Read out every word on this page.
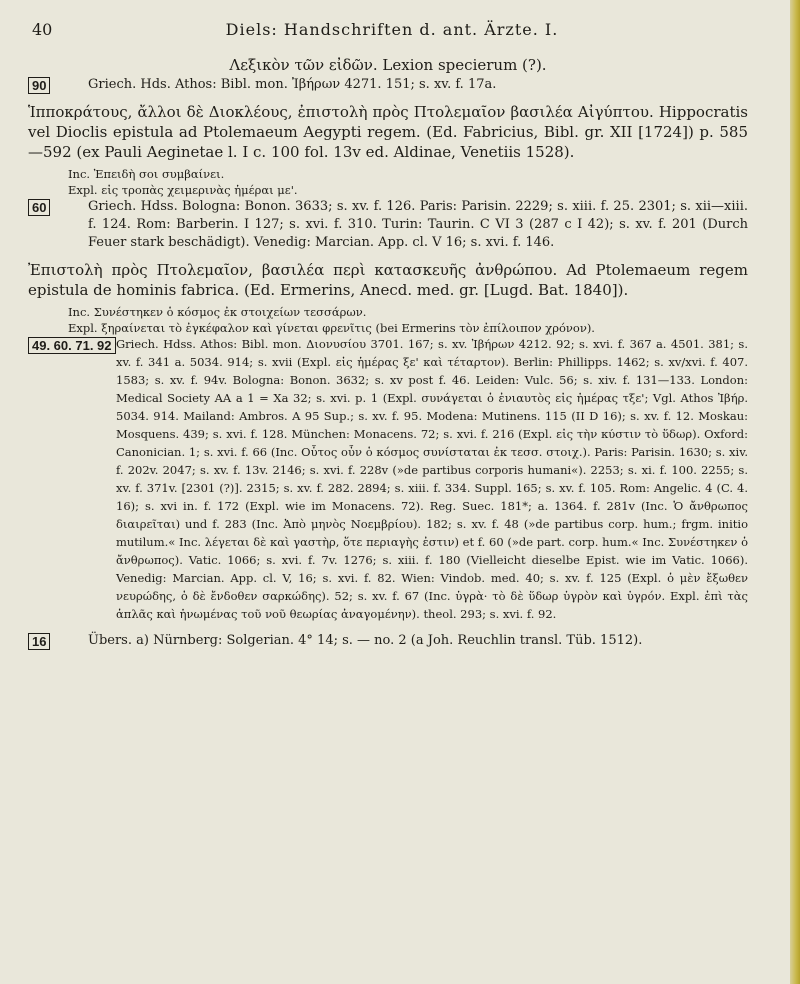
40	Diels: Handschriften d. ant. Ärzte. I.
Λεξικὸν τῶν εἰδῶν. Lexion specierum (?).
90	Griech. Hds. Athos: Bibl. mon. Ἰβήρων 4271. 151; s. xv. f. 17a.
Ἱπποκράτους, ἄλλοι δὲ Διοκλέους, ἐπιστολὴ πρὸς Πτολεμαῖον βασιλέα Αἰγύπτου. Hippocratis vel Dioclis epistula ad Ptolemaeum Aegypti regem. (Ed. Fabricius, Bibl. gr. XII [1724]) p. 585—592 (ex Pauli Aeginetae l. I c. 100 fol. 13v ed. Aldinae, Venetiis 1528).
Inc. Ἐπειδὴ σοι συμβαίνει.
Expl. εἰς τροπὰς χειμερινὰς ἡμέραι με'.
60	Griech. Hdss. Bologna: Bonon. 3633; s. xv. f. 126. Paris: Parisin. 2229; s. xiii. f. 25. 2301; s. xii—xiii. f. 124. Rom: Barberin. I 127; s. xvi. f. 310. Turin: Taurin. C VI 3 (287 c I 42); s. xv. f. 201 (Durch Feuer stark beschädigt). Venedig: Marcian. App. cl. V 16; s. xvi. f. 146.
Ἐπιστολὴ πρὸς Πτολεμαῖον, βασιλέα περὶ κατασκευῆς ἀνθρώπου. Ad Ptolemaeum regem epistula de hominis fabrica. (Ed. Ermerins, Anecd. med. gr. [Lugd. Bat. 1840]).
Inc. Συνέστηκεν ὁ κόσμος ἐκ στοιχείων τεσσάρων.
Expl. ξηραίνεται τὸ ἐγκέφαλον καὶ γίνεται φρενῖτις (bei Ermerins τὸν ἐπίλοιπον χρόνον).
49. 60. 71. 92 Griech. Hdss. Athos: Bibl. mon. Διονυσίου 3701. 167; s. xv. Ἰβήρων 4212. 92; s. xvi. f. 367 a. 4501. 381; s. xv. f. 341 a. 5034. 914; s. xvii (Expl. εἰς ἡμέρας ξε' καὶ τέταρτον). Berlin: Phillipps. 1462; s. xv/xvi. f. 407. 1583; s. xv. f. 94v. Bologna: Bonon. 3632; s. xv post f. 46. Leiden: Vulc. 56; s. xiv. f. 131—133. London: Medical Society AA a 1 = Xa 32; s. xvi. p. 1 (Expl. συνάγεται ὁ ἐνιαυτὸς εἰς ἡμέρας τξε'; Vgl. Athos Ἰβήρ. 5034. 914. Mailand: Ambros. A 95 Sup.; s. xv. f. 95. Modena: Mutinens. 115 (II D 16); s. xv. f. 12. Moskau: Mosquens. 439; s. xvi. f. 128. München: Monacens. 72; s. xvi. f. 216 (Expl. εἰς τὴν κύστιν τὸ ὕδωρ). Oxford: Canonician. 1; s. xvi. f. 66 (Inc. Οὗτος οὖν ὁ κόσμος συνίσταται ἐκ τεσσ. στοιχ.). Paris: Parisin. 1630; s. xiv. f. 202v. 2047; s. xv. f. 13v. 2146; s. xvi. f. 228v (»de partibus corporis humani«). 2253; s. xi. f. 100. 2255; s. xv. f. 371v. [2301 (?)]. 2315; s. xv. f. 282. 2894; s. xiii. f. 334. Suppl. 165; s. xv. f. 105. Rom: Angelic. 4 (C. 4. 16); s. xvi in. f. 172 (Expl. wie im Monacens. 72). Reg. Suec. 181*; a. 1364. f. 281v (Inc. Ὁ ἄνθρωπος διαιρεῖται) und f. 283 (Inc. Ἀπὸ μηνὸς Νοεμβρίου). 182; s. xv. f. 48 (»de partibus corp. hum.; frgm. initio mutilum.« Inc. λέγεται δὲ καὶ γαστὴρ, ὅτε περιαγὴς ἐστιν) et f. 60 (»de part. corp. hum.« Inc. Συνέστηκεν ὁ ἄνθρωπος). Vatic. 1066; s. xvi. f. 7v. 1276; s. xiii. f. 180 (Vielleicht dieselbe Epist. wie im Vatic. 1066). Venedig: Marcian. App. cl. V, 16; s. xvi. f. 82. Wien: Vindob. med. 40; s. xv. f. 125 (Expl. ὁ μὲν ἔξωθεν νευρώδης, ὁ δὲ ἔνδοθεν σαρκώδης). 52; s. xv. f. 67 (Inc. ὑγρὰ· τὸ δὲ ὕδωρ ὑγρὸν καὶ ὑγρόν. Expl. ἐπὶ τὰς ἁπλᾶς καὶ ἡνωμένας τοῦ νοῦ θεωρίας ἀναγομένην). theol. 293; s. xvi. f. 92.
16	Übers. a) Nürnberg: Solgerian. 4° 14; s. — no. 2 (a Joh. Reuchlin transl. Tüb. 1512).
